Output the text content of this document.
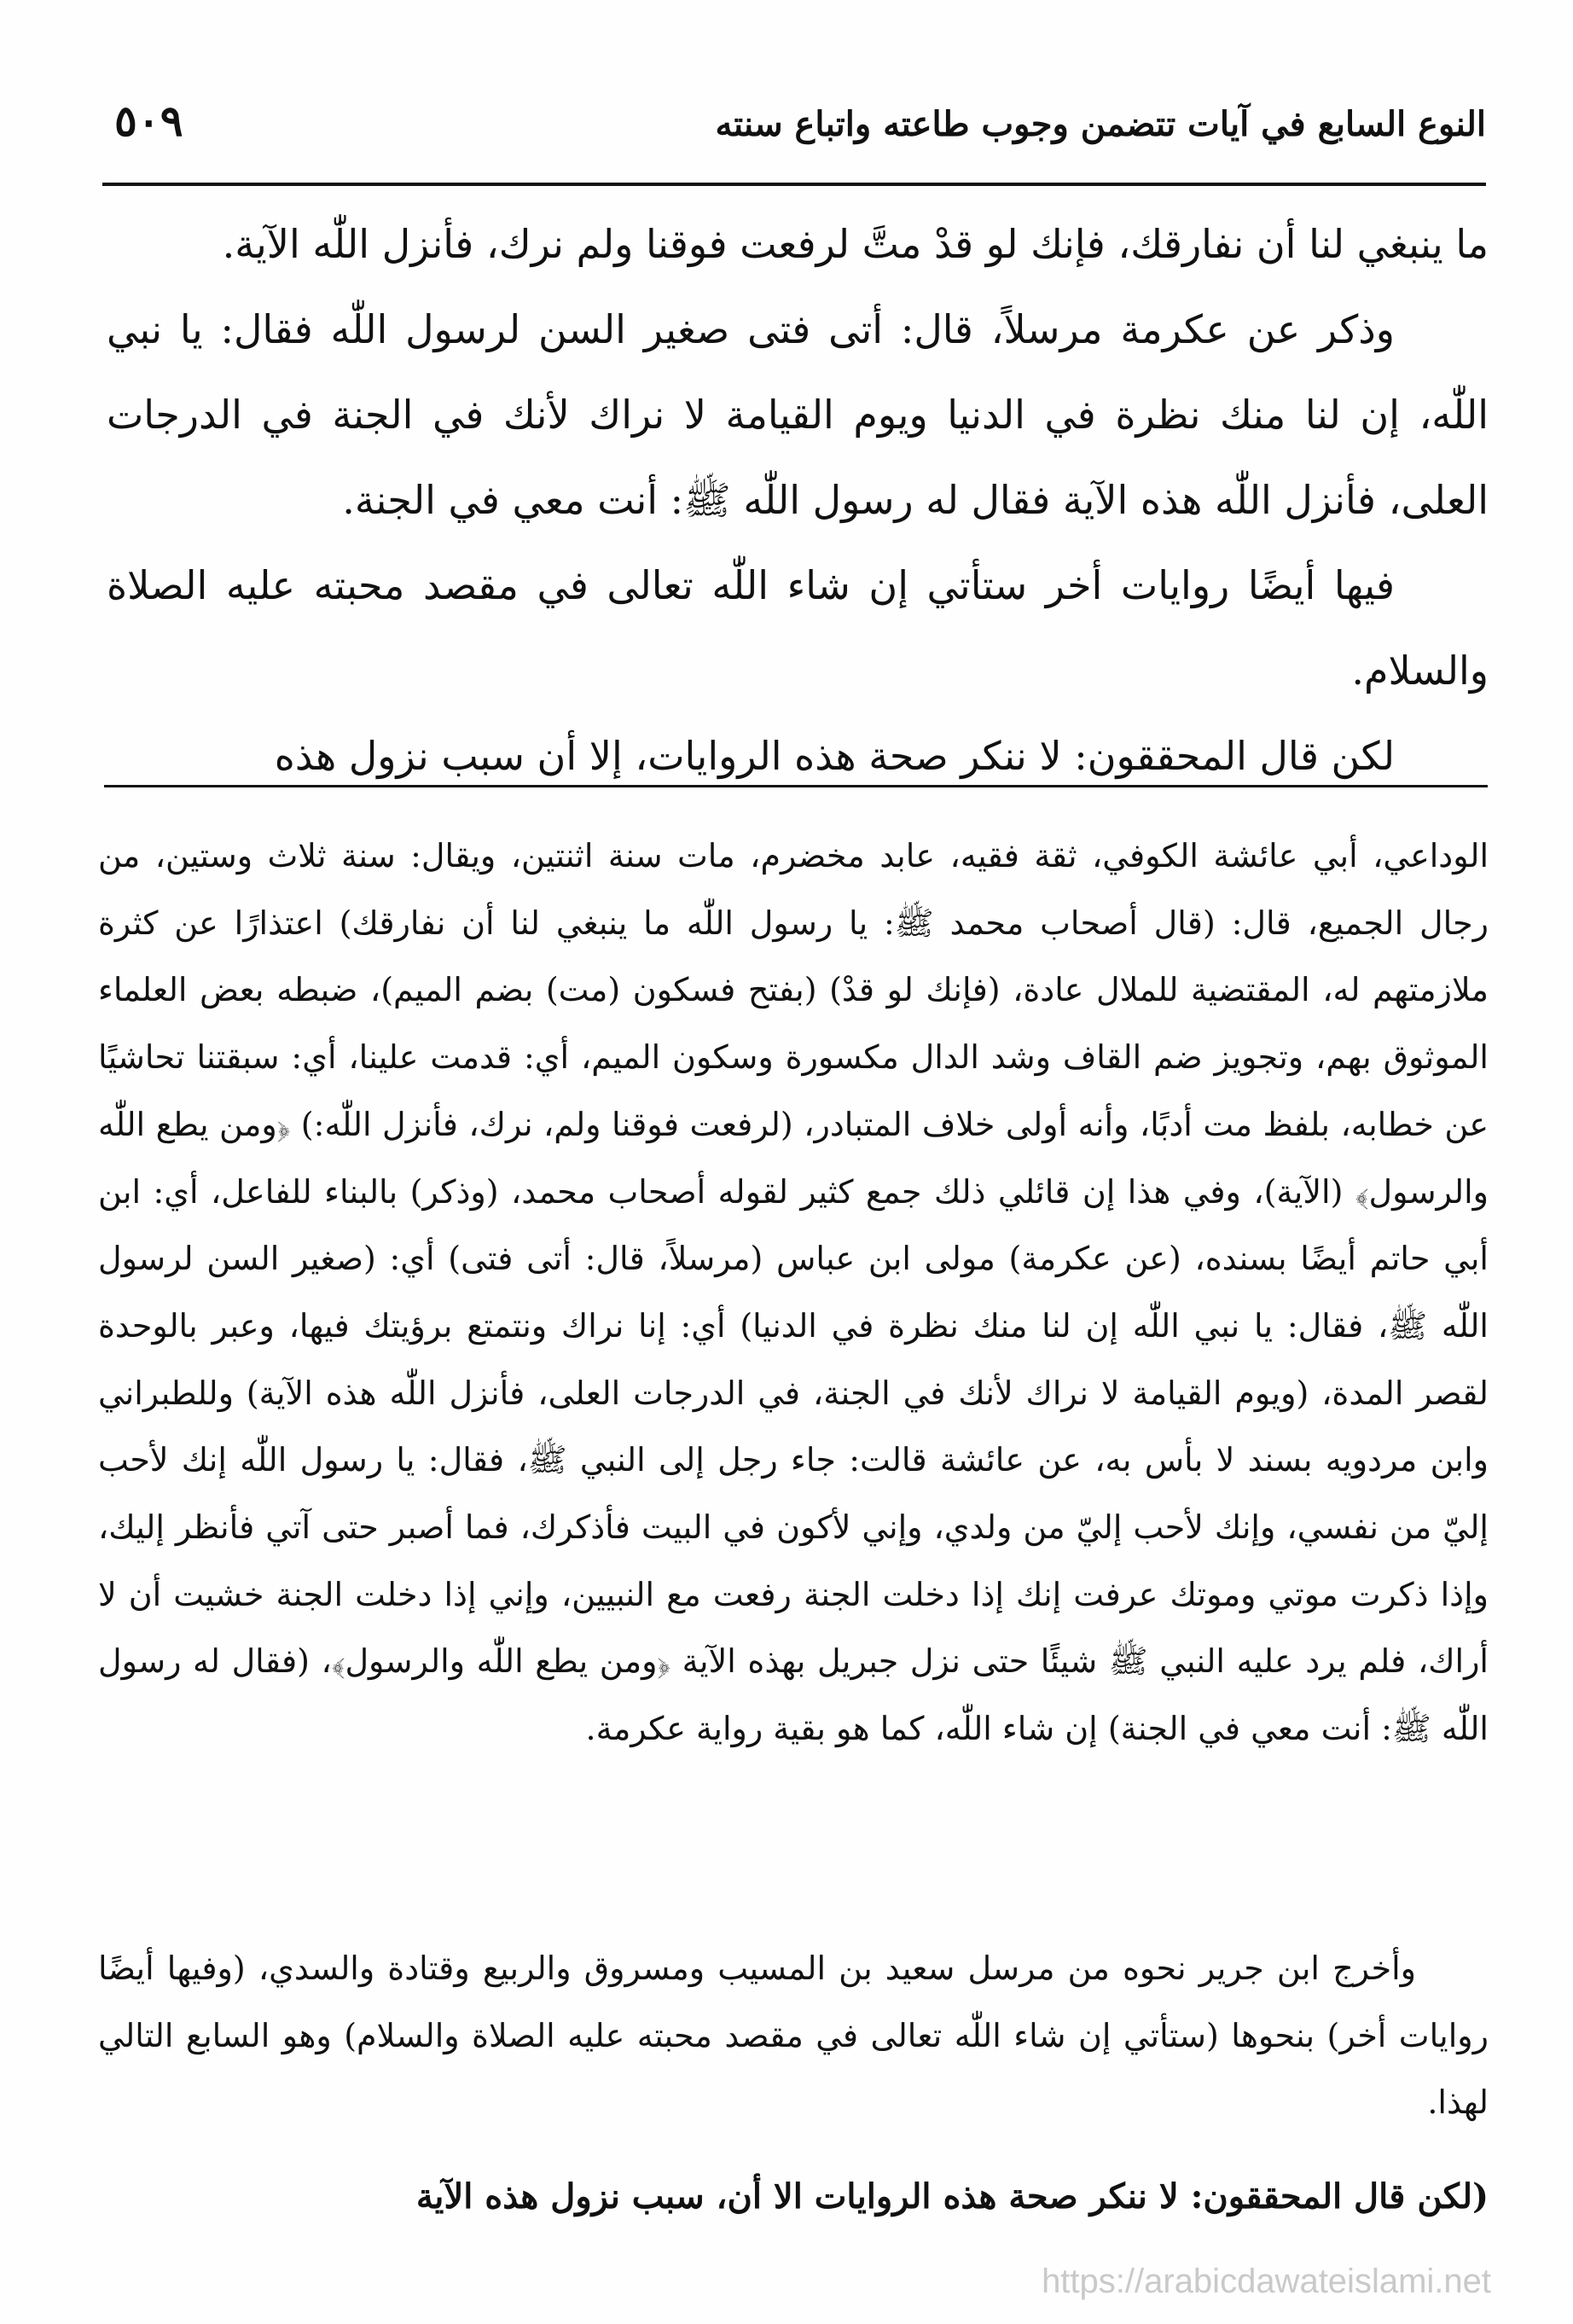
٥٠٩	النوع السابع في آيات تتضمن وجوب طاعته واتباع سنته

ما ينبغي لنا أن نفارقك، فإنك لو قدْ متَّ لرفعت فوقنا ولم نرك، فأنزل اللّٰه الآية.

وذكر عن عكرمة مرسلاً، قال: أتى فتى صغير السن لرسول اللّٰه فقال: يا نبي اللّٰه، إن لنا منك نظرة في الدنيا ويوم القيامة لا نراك لأنك في الجنة في الدرجات العلى، فأنزل اللّٰه هذه الآية فقال له رسول اللّٰه ﷺ: أنت معي في الجنة.

فيها أيضًا روايات أخر ستأتي إن شاء اللّٰه تعالى في مقصد محبته عليه الصلاة والسلام.

لكن قال المحققون: لا ننكر صحة هذه الروايات، إلا أن سبب نزول هذه

الوداعي، أبي عائشة الكوفي، ثقة فقيه، عابد مخضرم، مات سنة اثنتين، ويقال: سنة ثلاث وستين، من رجال الجميع، قال: (قال أصحاب محمد ﷺ: يا رسول اللّٰه ما ينبغي لنا أن نفارقك) اعتذارًا عن كثرة ملازمتهم له، المقتضية للملال عادة، (فإنك لو قدْ) (بفتح فسكون (مت) بضم الميم)، ضبطه بعض العلماء الموثوق بهم، وتجويز ضم القاف وشد الدال مكسورة وسكون الميم، أي: قدمت علينا، أي: سبقتنا تحاشيًا عن خطابه، بلفظ مت أدبًا، وأنه أولى خلاف المتبادر، (لرفعت فوقنا ولم، نرك، فأنزل اللّٰه:) ﴿ومن يطع اللّٰه والرسول﴾ (الآية)، وفي هذا إن قائلي ذلك جمع كثير لقوله أصحاب محمد، (وذكر) بالبناء للفاعل، أي: ابن أبي حاتم أيضًا بسنده، (عن عكرمة) مولى ابن عباس (مرسلاً، قال: أتى فتى) أي: (صغير السن لرسول اللّٰه ﷺ، فقال: يا نبي اللّٰه إن لنا منك نظرة في الدنيا) أي: إنا نراك ونتمتع برؤيتك فيها، وعبر بالوحدة لقصر المدة، (ويوم القيامة لا نراك لأنك في الجنة، في الدرجات العلى، فأنزل اللّٰه هذه الآية) وللطبراني وابن مردويه بسند لا بأس به، عن عائشة قالت: جاء رجل إلى النبي ﷺ، فقال: يا رسول اللّٰه إنك لأحب إليّ من نفسي، وإنك لأحب إليّ من ولدي، وإني لأكون في البيت فأذكرك، فما أصبر حتى آتي فأنظر إليك، وإذا ذكرت موتي وموتك عرفت إنك إذا دخلت الجنة رفعت مع النبيين، وإني إذا دخلت الجنة خشيت أن لا أراك، فلم يرد عليه النبي ﷺ شيئًا حتى نزل جبريل بهذه الآية ﴿ومن يطع اللّٰه والرسول﴾، (فقال له رسول اللّٰه ﷺ: أنت معي في الجنة) إن شاء اللّٰه، كما هو بقية رواية عكرمة.

وأخرج ابن جرير نحوه من مرسل سعيد بن المسيب ومسروق والربيع وقتادة والسدي، (وفيها أيضًا روايات أخر) بنحوها (ستأتي إن شاء اللّٰه تعالى في مقصد محبته عليه الصلاة والسلام) وهو السابع التالي لهذا.

(لكن قال المحققون: لا ننكر صحة هذه الروايات الا أن، سبب نزول هذه الآية

https://arabicdawateislami.net
